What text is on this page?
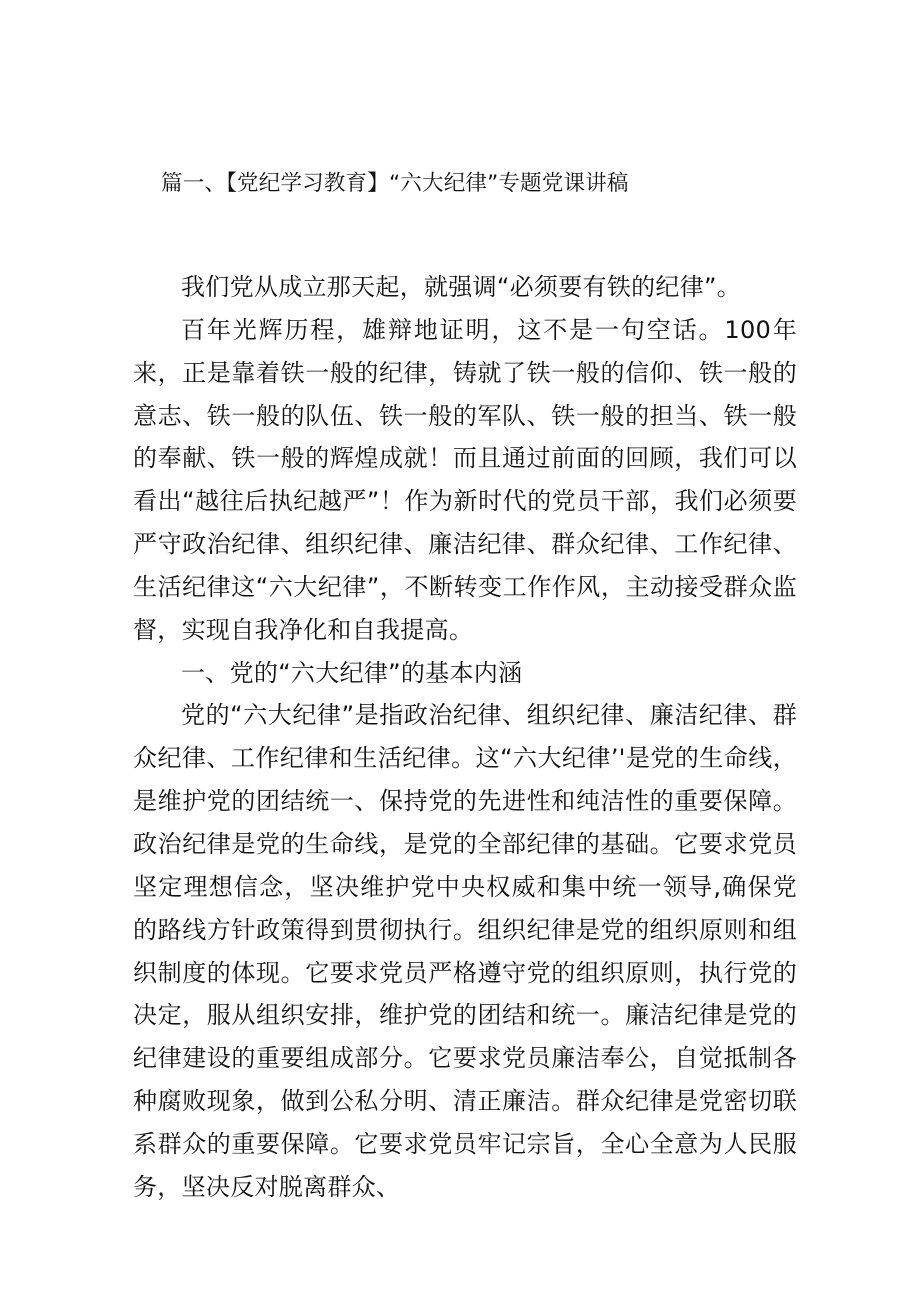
篇一、【党纪学习教育】“六大纪律”专题党课讲稿

我们党从成立那天起，就强调“必须要有铁的纪律”。

百年光辉历程，雄辩地证明，这不是一句空话。100年来，正是靠着铁一般的纪律，铸就了铁一般的信仰、铁一般的意志、铁一般的队伍、铁一般的军队、铁一般的担当、铁一般的奉献、铁一般的辉煌成就！而且通过前面的回顾，我们可以看出“越往后执纪越严”！作为新时代的党员干部，我们必须要严守政治纪律、组织纪律、廉洁纪律、群众纪律、工作纪律、生活纪律这“六大纪律”，不断转变工作作风，主动接受群众监督，实现自我净化和自我提高。

一、党的“六大纪律”的基本内涵

党的“六大纪律”是指政治纪律、组织纪律、廉洁纪律、群众纪律、工作纪律和生活纪律。这“六大纪律’'是党的生命线，是维护党的团结统一、保持党的先进性和纯洁性的重要保障。政治纪律是党的生命线，是党的全部纪律的基础。它要求党员坚定理想信念，坚决维护党中央权威和集中统一领导,确保党的路线方针政策得到贯彻执行。组织纪律是党的组织原则和组织制度的体现。它要求党员严格遵守党的组织原则，执行党的决定，服从组织安排，维护党的团结和统一。廉洁纪律是党的纪律建设的重要组成部分。它要求党员廉洁奉公，自觉抵制各种腐败现象，做到公私分明、清正廉洁。群众纪律是党密切联系群众的重要保障。它要求党员牢记宗旨，全心全意为人民服务，坚决反对脱离群众、
